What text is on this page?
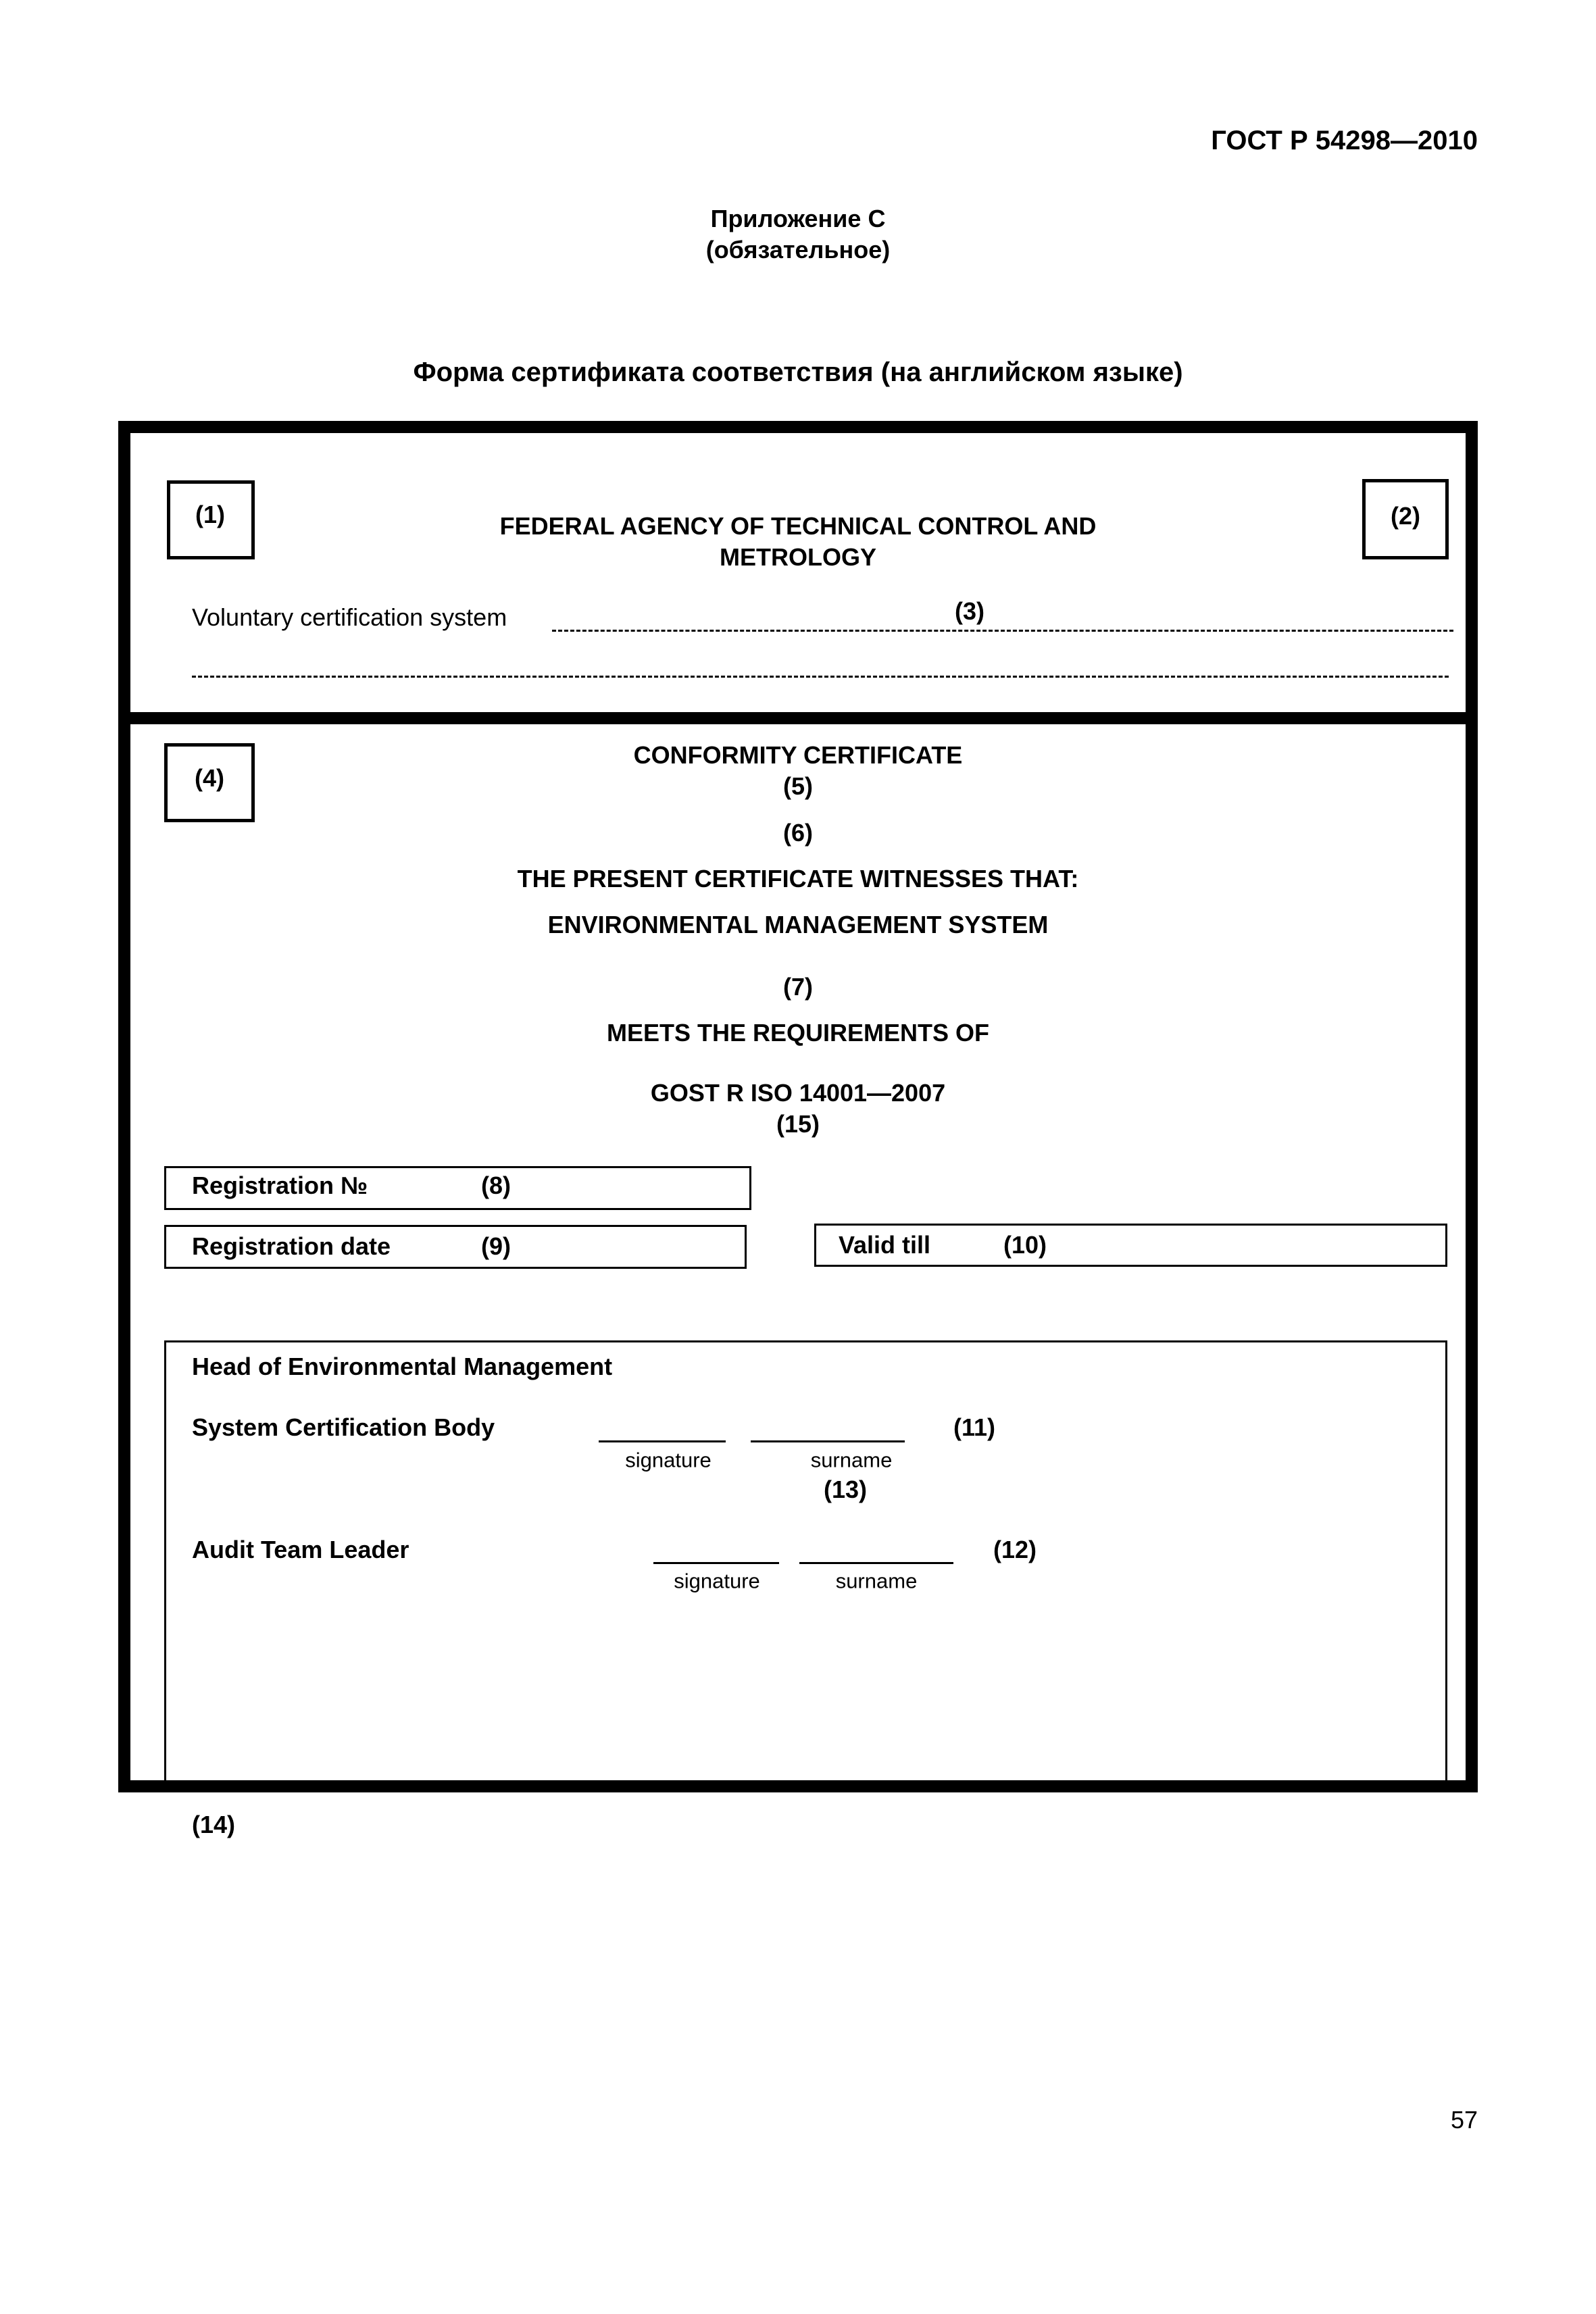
ГОСТ Р 54298—2010
Приложение С
(обязательное)
Форма сертификата соответствия (на английском языке)
(1)	(2)
FEDERAL AGENCY OF TECHNICAL CONTROL AND
METROLOGY
Voluntary certification system	(3)
(4)
CONFORMITY CERTIFICATE
(5)
(6)
THE PRESENT CERTIFICATE WITNESSES THAT:
ENVIRONMENTAL MANAGEMENT SYSTEM
(7)
MEETS THE REQUIREMENTS OF
GOST R ISO 14001—2007
(15)
Registration №	(8)
Registration date	(9)	Valid till	(10)
Head of Environmental Management
System Certification Body	(11)
signature	surname
(13)
Audit Team Leader	(12)
signature	surname
(14)
57
